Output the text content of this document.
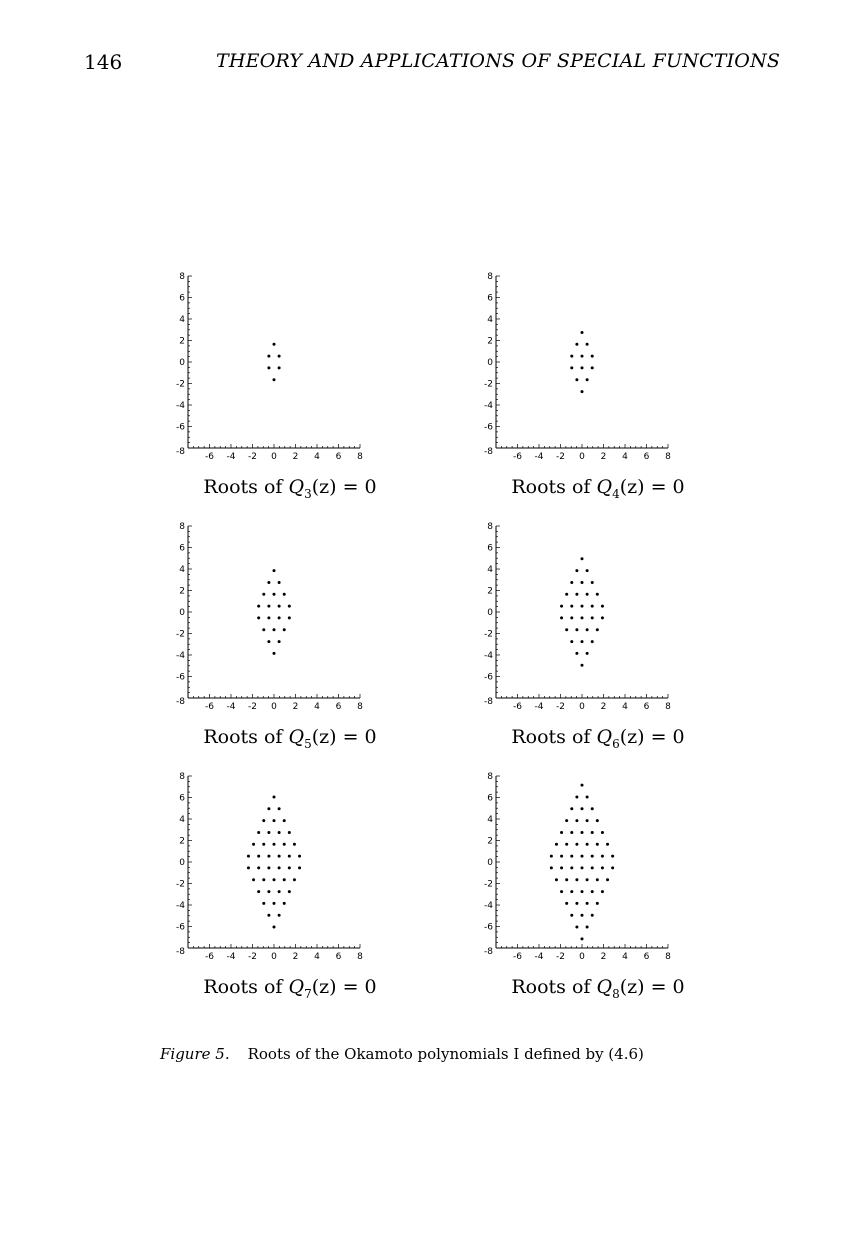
146	THEORY AND APPLICATIONS OF SPECIAL FUNCTIONS
8
6
4
2
0
-2
-4
-6
-8 -6 -4 -2 0 2 4 6 8
Roots of $Q_3(z) = 0$
8
6
4
2
0
-2
-4
-6
-8 -6 -4 -2 0 2 4 6 8
Roots of $Q_4(z) = 0$
8
6
4
2
0
-2
-4
-6
-8 -6 -4 -2 0 2 4 6 8
Roots of $Q_5(z) = 0$
8
6
4
2
0
-2
-4
-6
-8 -6 -4 -2 0 2 4 6 8
Roots of $Q_6(z) = 0$
8
6
4
2
0
-2
-4
-6
-8 -6 -4 -2 0 2 4 6 8
Roots of $Q_7(z) = 0$
8
6
4
2
0
-2
-4
-6
-8 -6 -4 -2 0 2 4 6 8
Roots of $Q_8(z) = 0$
Figure 5. Roots of the Okamoto polynomials I defined by (4.6)
